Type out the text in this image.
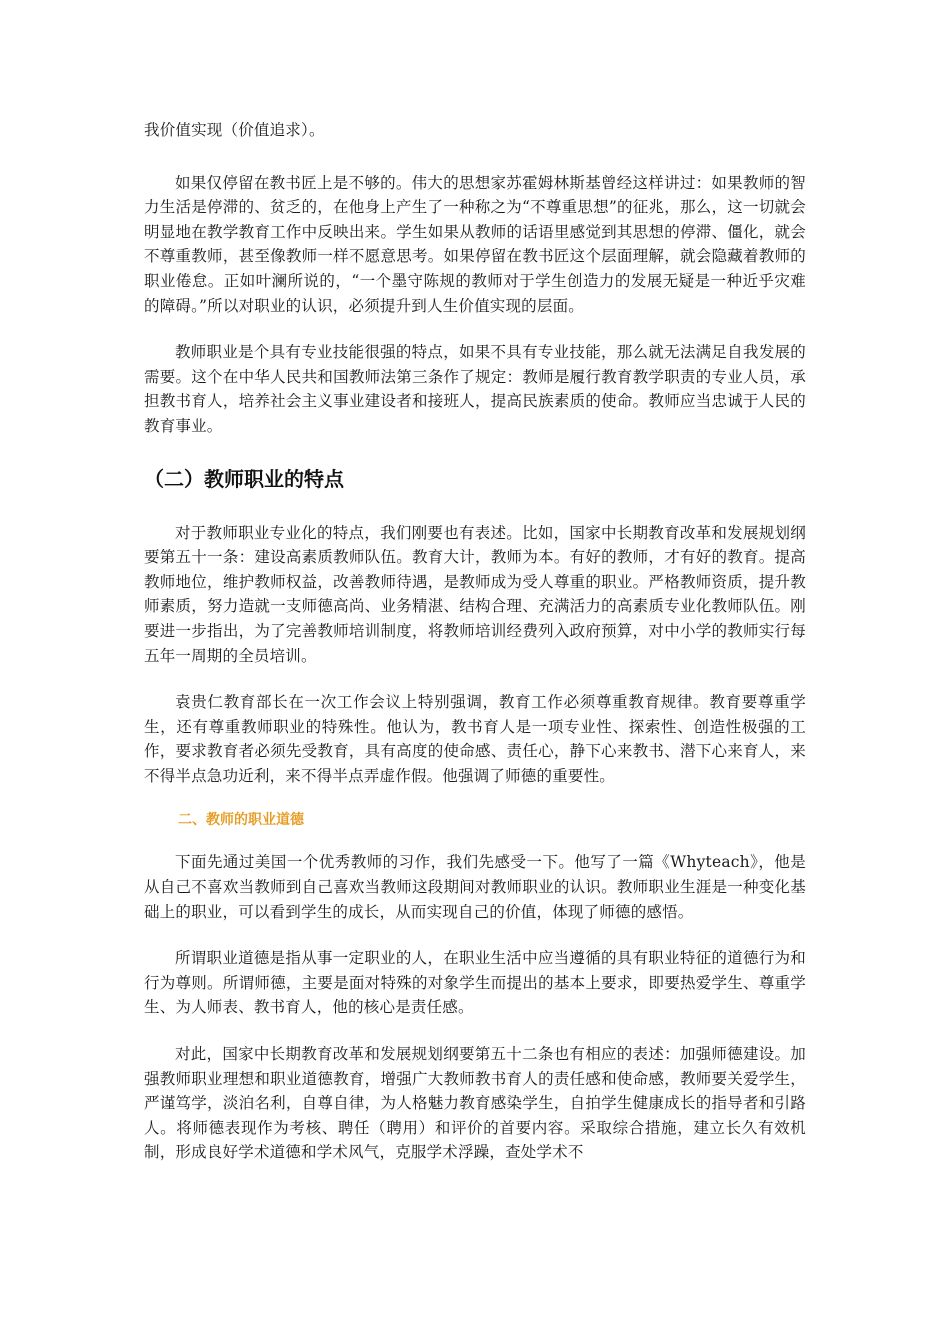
我价值实现（价值追求）。

如果仅停留在教书匠上是不够的。伟大的思想家苏霍姆林斯基曾经这样讲过：如果教师的智力生活是停滞的、贫乏的，在他身上产生了一种称之为“不尊重思想”的征兆，那么，这一切就会明显地在教学教育工作中反映出来。学生如果从教师的话语里感觉到其思想的停滞、僵化，就会不尊重教师，甚至像教师一样不愿意思考。如果停留在教书匠这个层面理解，就会隐藏着教师的职业倦怠。正如叶澜所说的，“一个墨守陈规的教师对于学生创造力的发展无疑是一种近乎灾难的障碍。”所以对职业的认识，必须提升到人生价值实现的层面。

教师职业是个具有专业技能很强的特点，如果不具有专业技能，那么就无法满足自我发展的需要。这个在中华人民共和国教师法第三条作了规定：教师是履行教育教学职责的专业人员，承担教书育人，培养社会主义事业建设者和接班人，提高民族素质的使命。教师应当忠诚于人民的教育事业。

（二）教师职业的特点

对于教师职业专业化的特点，我们刚要也有表述。比如，国家中长期教育改革和发展规划纲要第五十一条：建设高素质教师队伍。教育大计，教师为本。有好的教师，才有好的教育。提高教师地位，维护教师权益，改善教师待遇，是教师成为受人尊重的职业。严格教师资质，提升教师素质，努力造就一支师德高尚、业务精湛、结构合理、充满活力的高素质专业化教师队伍。刚要进一步指出，为了完善教师培训制度，将教师培训经费列入政府预算，对中小学的教师实行每五年一周期的全员培训。

袁贵仁教育部长在一次工作会议上特别强调，教育工作必须尊重教育规律。教育要尊重学生，还有尊重教师职业的特殊性。他认为，教书育人是一项专业性、探索性、创造性极强的工作，要求教育者必须先受教育，具有高度的使命感、责任心，静下心来教书、潜下心来育人，来不得半点急功近利，来不得半点弄虚作假。他强调了师德的重要性。

二、教师的职业道德

下面先通过美国一个优秀教师的习作，我们先感受一下。他写了一篇《Whyteach》，他是从自己不喜欢当教师到自己喜欢当教师这段期间对教师职业的认识。教师职业生涯是一种变化基础上的职业，可以看到学生的成长，从而实现自己的价值，体现了师德的感悟。

所谓职业道德是指从事一定职业的人，在职业生活中应当遵循的具有职业特征的道德行为和行为尊则。所谓师德，主要是面对特殊的对象学生而提出的基本上要求，即要热爱学生、尊重学生、为人师表、教书育人，他的核心是责任感。

对此，国家中长期教育改革和发展规划纲要第五十二条也有相应的表述：加强师德建设。加强教师职业理想和职业道德教育，增强广大教师教书育人的责任感和使命感，教师要关爱学生，严谨笃学，淡泊名利，自尊自律，为人格魅力教育感染学生，自拍学生健康成长的指导者和引路人。将师德表现作为考核、聘任（聘用）和评价的首要内容。采取综合措施，建立长久有效机制，形成良好学术道德和学术风气，克服学术浮躁，查处学术不
